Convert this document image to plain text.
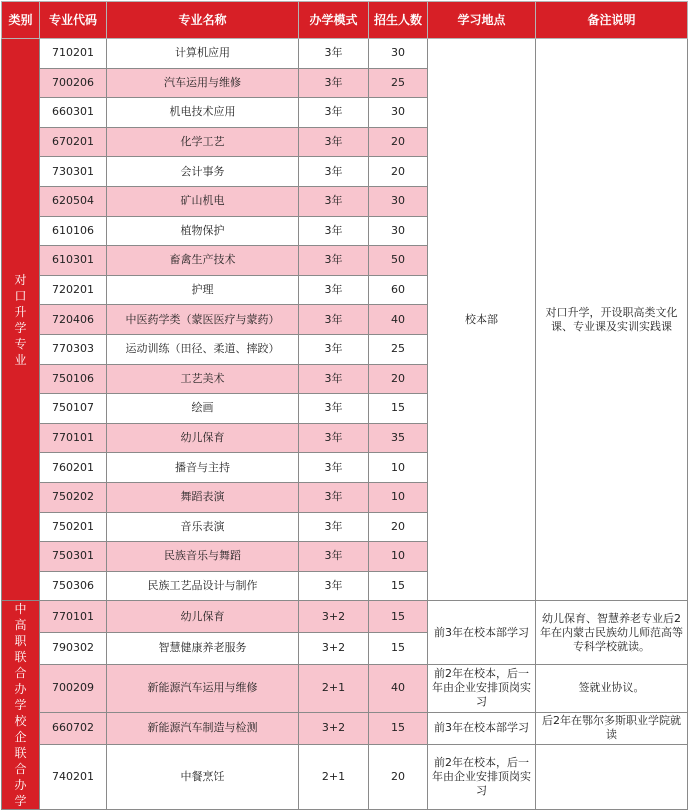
类别	专业代码	专业名称	办学模式	招生人数	学习地点	备注说明
对口升学专业	710201	计算机应用	3年	30	校本部	对口升学，开设职高类文化课、专业课及实训实践课
	700206	汽车运用与维修	3年	25		
	660301	机电技术应用	3年	30		
	670201	化学工艺	3年	20		
	730301	会计事务	3年	20		
	620504	矿山机电	3年	30		
	610106	植物保护	3年	30		
	610301	畜禽生产技术	3年	50		
	720201	护理	3年	60		
	720406	中医药学类（蒙医医疗与蒙药）	3年	40		
	770303	运动训练（田径、柔道、摔跤）	3年	25		
	750106	工艺美术	3年	20		
	750107	绘画	3年	15		
	770101	幼儿保育	3年	35		
	760201	播音与主持	3年	10		
	750202	舞蹈表演	3年	10		
	750201	音乐表演	3年	20		
	750301	民族音乐与舞蹈	3年	10		
	750306	民族工艺品设计与制作	3年	15		
中高职联合办学校企联合办学	770101	幼儿保育	3+2	15	前3年在校本部学习	幼儿保育、智慧养老专业后2年在内蒙古民族幼儿师范高等专科学校就读。
	790302	智慧健康养老服务	3+2	15		
	700209	新能源汽车运用与维修	2+1	40	前2年在校本，后一年由企业安排顶岗实习	签就业协议。
	660702	新能源汽车制造与检测	3+2	15	前3年在校本部学习	后2年在鄂尔多斯职业学院就读
	740201	中餐烹饪	2+1	20	前2年在校本，后一年由企业安排顶岗实习	
